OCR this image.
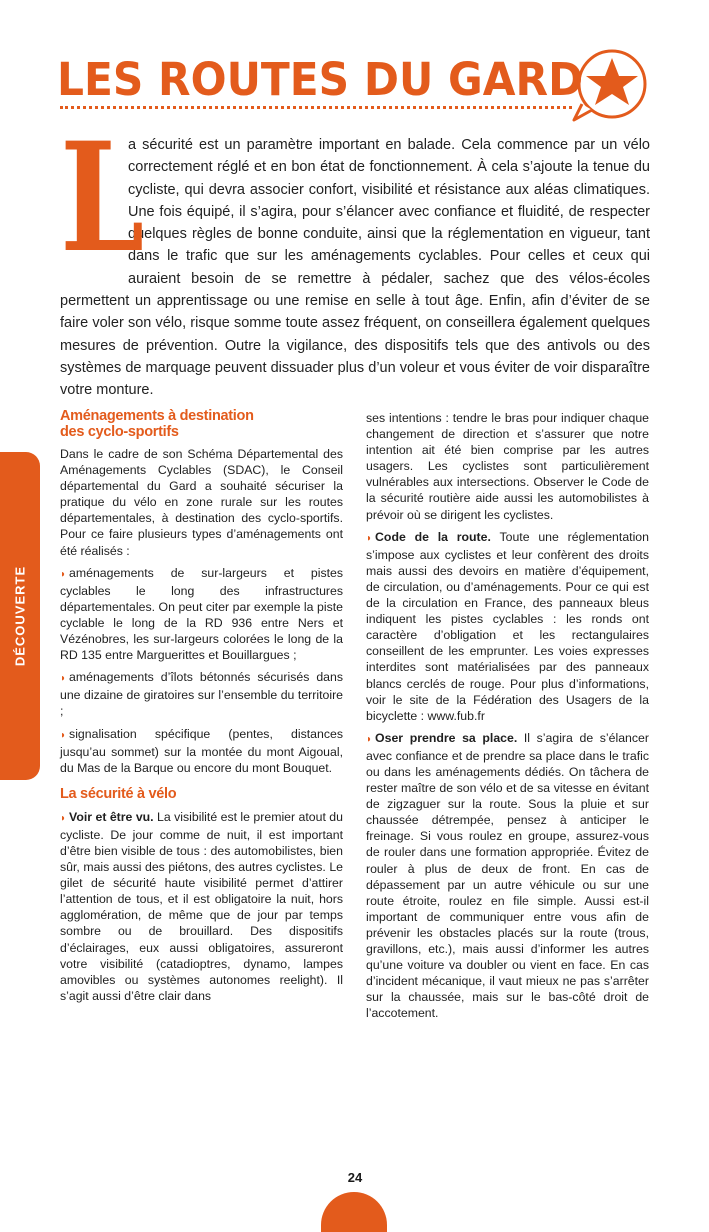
LES ROUTES DU GARD
L

a sécurité est un paramètre important en balade. Cela commence par un vélo correctement réglé et en bon état de fonctionnement. À cela s’ajoute la tenue du cycliste, qui devra associer confort, visibilité et résistance aux aléas climatiques. Une fois équipé, il s’agira, pour s’élancer avec confiance et fluidité, de respecter quelques règles de bonne conduite, ainsi que la réglementation en vigueur, tant dans le trafic que sur les aménagements cyclables. Pour celles et ceux qui auraient besoin de se remettre à pédaler, sachez que des vélos-écoles permettent un apprentissage ou une remise en selle à tout âge. Enfin, afin d’éviter de se faire voler son vélo, risque somme toute assez fréquent, on conseillera également quelques mesures de prévention. Outre la vigilance, des dispositifs tels que des antivols ou des systèmes de marquage peuvent dissuader plus d’un voleur et vous éviter de voir disparaître votre monture.

DÉCOUVERTE
Aménagements à destination
des cyclo-sportifs

Dans le cadre de son Schéma Départemental des Aménagements Cyclables (SDAC), le Conseil départemental du Gard a souhaité sécuriser la pratique du vélo en zone rurale sur les routes départementales, à destination des cyclo-sportifs. Pour ce faire plusieurs types d’aménagements ont été réalisés :

◗ aménagements de sur-largeurs et pistes cyclables le long des infrastructures départementales. On peut citer par exemple la piste cyclable le long de la RD 936 entre Ners et Vézénobres, les sur-largeurs colorées le long de la RD 135 entre Marguerittes et Bouillargues ;

◗ aménagements d’îlots bétonnés sécurisés dans une dizaine de giratoires sur l’ensemble du territoire ;

◗ signalisation spécifique (pentes, distances jusqu’au sommet) sur la montée du mont Aigoual, du Mas de la Barque ou encore du mont Bouquet.

La sécurité à vélo

◗ Voir et être vu. La visibilité est le premier atout du cycliste. De jour comme de nuit, il est important d’être bien visible de tous : des automobilistes, bien sûr, mais aussi des piétons, des autres cyclistes. Le gilet de sécurité haute visibilité permet d’attirer l’attention de tous, et il est obligatoire la nuit, hors agglomération, de même que de jour par temps sombre ou de brouillard. Des dispositifs d’éclairages, eux aussi obligatoires, assureront votre visibilité (catadioptres, dynamo, lampes amovibles ou systèmes autonomes reelight). Il s’agit aussi d’être clair dans

ses intentions : tendre le bras pour indiquer chaque changement de direction et s’assurer que notre intention ait été bien comprise par les autres usagers. Les cyclistes sont particulièrement vulnérables aux intersections. Observer le Code de la sécurité routière aide aussi les automobilistes à prévoir où se dirigent les cyclistes.

◗ Code de la route. Toute une réglementation s’impose aux cyclistes et leur confèrent des droits mais aussi des devoirs en matière d’équipement, de circulation, ou d’aménagements. Pour ce qui est de la circulation en France, des panneaux bleus indiquent les pistes cyclables : les ronds ont caractère d’obligation et les rectangulaires conseillent de les emprunter. Les voies expresses interdites sont matérialisées par des panneaux blancs cerclés de rouge. Pour plus d’informations, voir le site de la Fédération des Usagers de la bicyclette : www.fub.fr

◗ Oser prendre sa place. Il s’agira de s’élancer avec confiance et de prendre sa place dans le trafic ou dans les aménagements dédiés. On tâchera de rester maître de son vélo et de sa vitesse en évitant de zigzaguer sur la route. Sous la pluie et sur chaussée détrempée, pensez à anticiper le freinage. Si vous roulez en groupe, assurez-vous de rouler dans une formation appropriée. Évitez de rouler à plus de deux de front. En cas de dépassement par un autre véhicule ou sur une route étroite, roulez en file simple. Aussi est-il important de communiquer entre vous afin de prévenir les obstacles placés sur la route (trous, gravillons, etc.), mais aussi d’informer les autres qu’une voiture va doubler ou vient en face. En cas d’incident mécanique, il vaut mieux ne pas s’arrêter sur la chaussée, mais sur le bas-côté droit de l’accotement.

24
